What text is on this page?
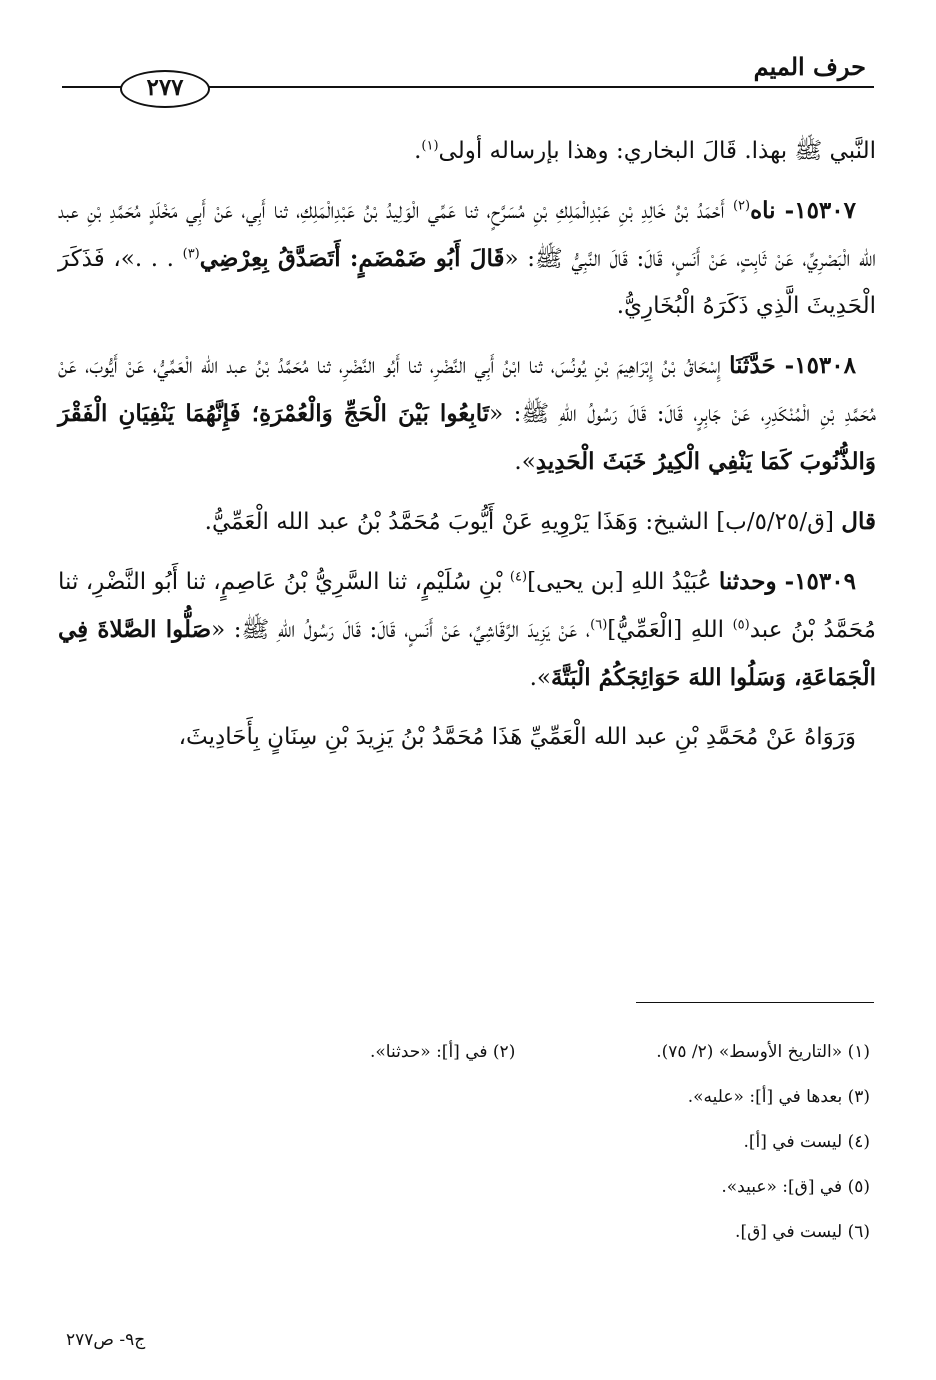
حرف الميم
٢٧٧

النَّبي ﷺ بهذا. قَالَ البخاري: وهذا بإرساله أولى$^{(١)}$.

١٥٣٠٧- ناه$^{(٢)}$ أَحْمَدُ بْنُ خَالِدِ بْنِ عَبْدِالْمَلِكِ بْنِ مُسَرَّحٍ، ثنا عَمِّي الْوَلِيدُ بْنُ عَبْدِالْمَلِكِ، ثنا أَبِي، عَنْ أَبِي مَخْلَدٍ مُحَمَّدِ بْنِ عبد الله الْبَصْرِيِّ، عَنْ ثَابِتٍ، عَنْ أَنَسٍ، قَالَ: قَالَ النَّبِيُّ ﷺ: «قَالَ أَبُو ضَمْضَمٍ: أَتَصَدَّقُ بِعِرْضِي$^{(٣)}$ . . .»، فَذَكَرَ الْحَدِيثَ الَّذِي ذَكَرَهُ الْبُخَارِيُّ.

١٥٣٠٨- حَدَّثَنَا إِسْحَاقُ بْنُ إِبْرَاهِيمَ بْنِ يُونُسَ، ثنا ابْنُ أَبِي النَّضْرِ، ثنا أَبُو النَّضْرِ، ثنا مُحَمَّدُ بْنُ عبد الله الْعَمِّيُّ، عَنْ أَيُّوبَ، عَنْ مُحَمَّدِ بْنِ الْمُنْكَدِرِ، عَنْ جَابِرٍ، قَالَ: قَالَ رَسُولُ اللهِ ﷺ: «تَابِعُوا بَيْنَ الْحَجِّ وَالْعُمْرَةِ؛ فَإِنَّهُمَا يَنْفِيَانِ الْفَقْرَ وَالذُّنُوبَ كَمَا يَنْفِي الْكِيرُ خَبَثَ الْحَدِيدِ».

قال [ق/٥/٢٥/ب] الشيخ: وَهَذَا يَرْوِيهِ عَنْ أَيُّوبَ مُحَمَّدُ بْنُ عبد الله الْعَمِّيُّ.

١٥٣٠٩- وحدثنا عُبَيْدُ اللهِ [بن يحيى]$^{(٤)}$ بْنِ سُلَيْمٍ، ثنا السَّرِيُّ بْنُ عَاصِمٍ، ثنا أَبُو النَّضْرِ، ثنا مُحَمَّدُ بْنُ عبد$^{(٥)}$ اللهِ [الْعَمِّيُّ]$^{(٦)}$، عَنْ يَزِيدَ الرَّقَاشِيِّ، عَنْ أَنَسٍ، قَالَ: قَالَ رَسُولُ اللهِ ﷺ: «صَلُّوا الصَّلاةَ فِي الْجَمَاعَةِ، وَسَلُوا اللهَ حَوَائِجَكُمُ الْبَتَّةَ».

وَرَوَاهُ عَنْ مُحَمَّدِ بْنِ عبد الله الْعَمِّيِّ هَذَا مُحَمَّدُ بْنُ يَزِيدَ بْنِ سِنَانٍ بِأَحَادِيثَ،

(١) «التاريخ الأوسط» (٢/ ٧٥).
(٢) في [أ]: «حدثنا».
(٣) بعدها في [أ]: «عليه».
(٤) ليست في [أ].
(٥) في [ق]: «عبيد».
(٦) ليست في [ق].
ج٩- ص٢٧٧
